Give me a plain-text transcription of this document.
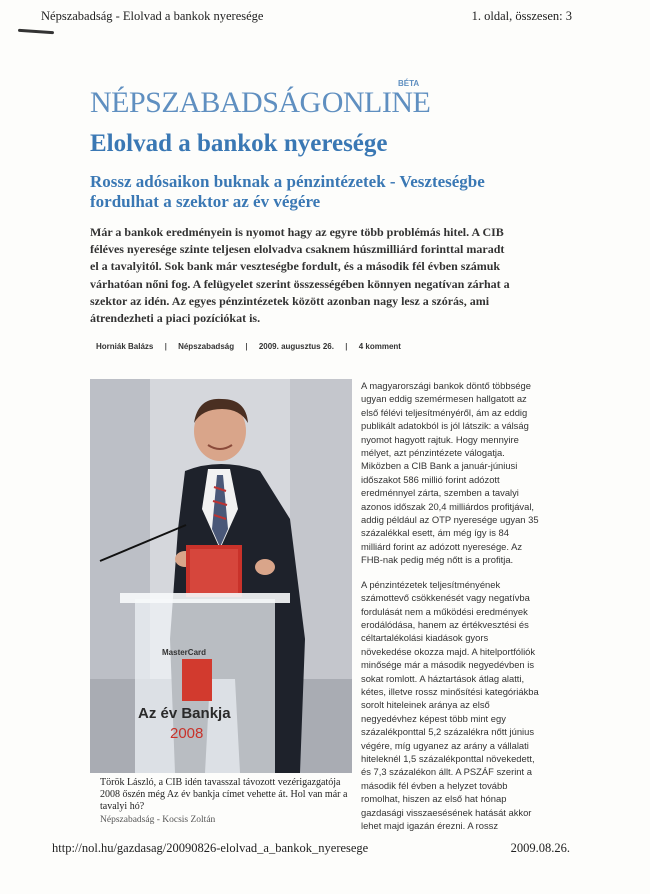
Népszabadság - Elolvad a bankok nyeresége	1. oldal, összesen: 3
NÉPSZABADSÁG ONLINE
BÉTA
Elolvad a bankok nyeresége
Rossz adósaikon buknak a pénzintézetek - Veszteségbe fordulhat a szektor az év végére

Már a bankok eredményein is nyomot hagy az egyre több problémás hitel. A CIB féléves nyeresége szinte teljesen elolvadva csaknem húszmilliárd forinttal maradt el a tavalyitól. Sok bank már veszteségbe fordult, és a második fél évben számuk várhatóan nőni fog. A felügyelet szerint összességében könnyen negatívan zárhat a szektor az idén. Az egyes pénzintézetek között azonban nagy lesz a szórás, ami átrendezheti a piaci pozíciókat is.

Horniák Balázs | Népszabadság | 2009. augusztus 26. | 4 komment
MasterCard
Az év Bankja
2008
Török László, a CIB idén tavasszal távozott vezérigazgatója 2008 őszén még Az év bankja címet vehette át. Hol van már a tavalyi hó?
Népszabadság - Kocsis Zoltán

A magyarországi bankok döntő többsége ugyan eddig szemérmesen hallgatott az első félévi teljesítményéről, ám az eddig publikált adatokból is jól látszik: a válság nyomot hagyott rajtuk. Hogy mennyire mélyet, azt pénzintézete válogatja. Miközben a CIB Bank a január-júniusi időszakot 586 millió forint adózott eredménnyel zárta, szemben a tavalyi azonos időszak 20,4 milliárdos profitjával, addig például az OTP nyeresége ugyan 35 százalékkal esett, ám még így is 84 milliárd forint az adózott nyeresége. Az FHB-nak pedig még nőtt is a profitja.

A pénzintézetek teljesítményének számottevő csökkenését vagy negatívba fordulását nem a működési eredmények erodálódása, hanem az értékvesztési és céltartalékolási kiadások gyors növekedése okozza majd. A hitelportfóliók minősége már a második negyedévben is sokat romlott. A háztartások átlag alatti, kétes, illetve rossz minősítési kategóriákba sorolt hiteleinek aránya az első negyedévhez képest több mint egy százalékponttal 5,2 százalékra nőtt június végére, míg ugyanez az arány a vállalati hiteleknél 1,5 százalékponttal növekedett, és 7,3 százalékon állt. A PSZÁF szerint a második fél évben a helyzet tovább romolhat, hiszen az első hat hónap gazdasági visszaesésének hatását akkor lehet majd igazán érezni. A rossz

http://nol.hu/gazdasag/20090826-elolvad_a_bankok_nyeresege	2009.08.26.
